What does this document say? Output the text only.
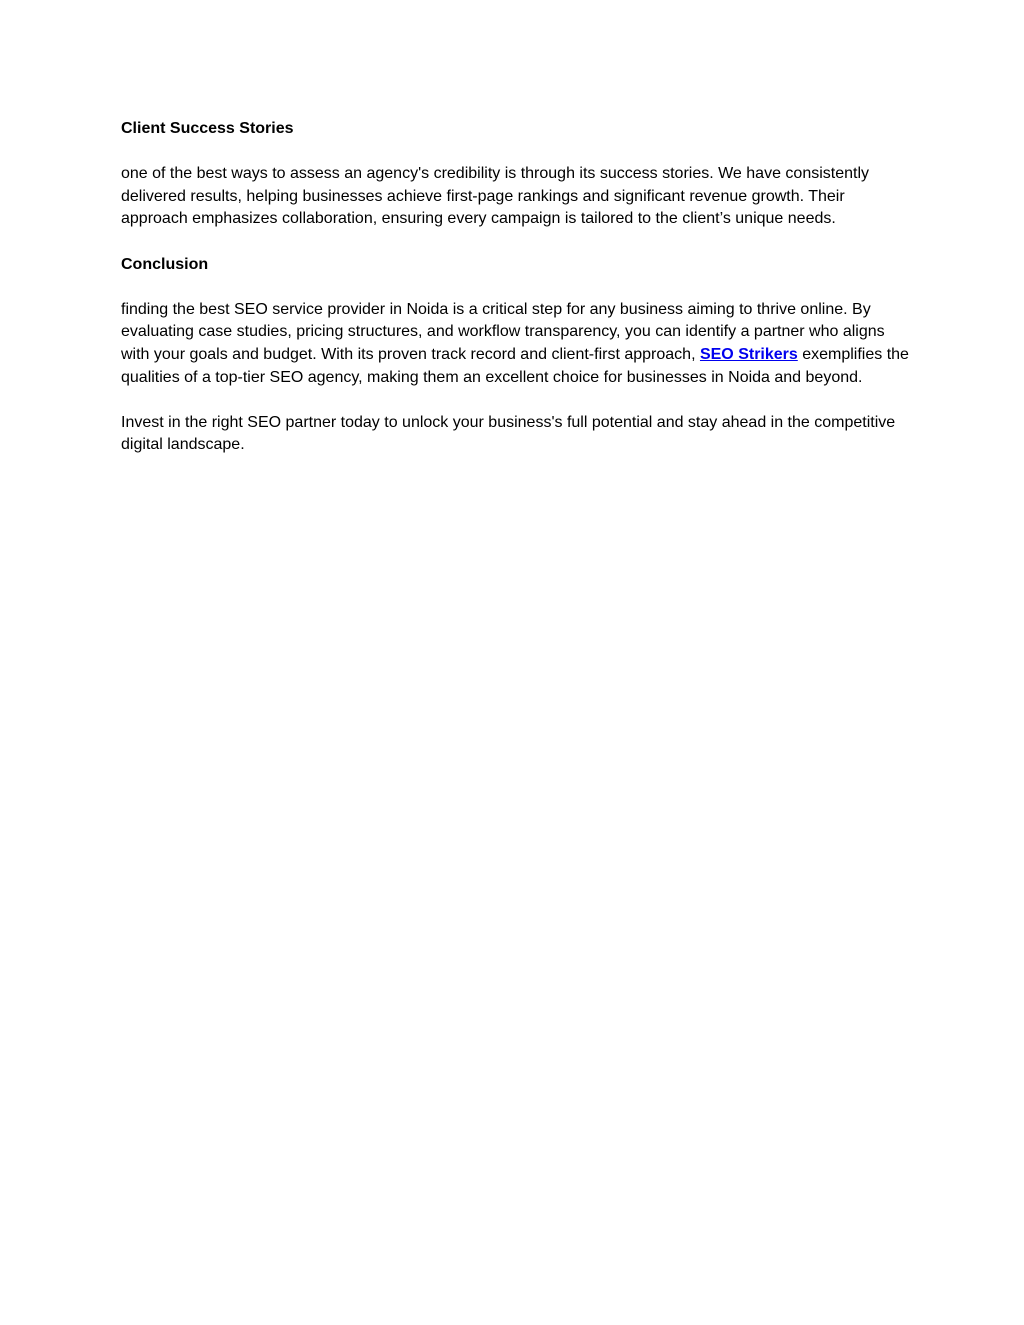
Client Success Stories

one of the best ways to assess an agency's credibility is through its success stories. We have consistently delivered results, helping businesses achieve first-page rankings and significant revenue growth. Their approach emphasizes collaboration, ensuring every campaign is tailored to the client’s unique needs.

Conclusion

finding the best SEO service provider in Noida is a critical step for any business aiming to thrive online. By evaluating case studies, pricing structures, and workflow transparency, you can identify a partner who aligns with your goals and budget. With its proven track record and client-first approach, SEO Strikers exemplifies the qualities of a top-tier SEO agency, making them an excellent choice for businesses in Noida and beyond.

Invest in the right SEO partner today to unlock your business's full potential and stay ahead in the competitive digital landscape.
